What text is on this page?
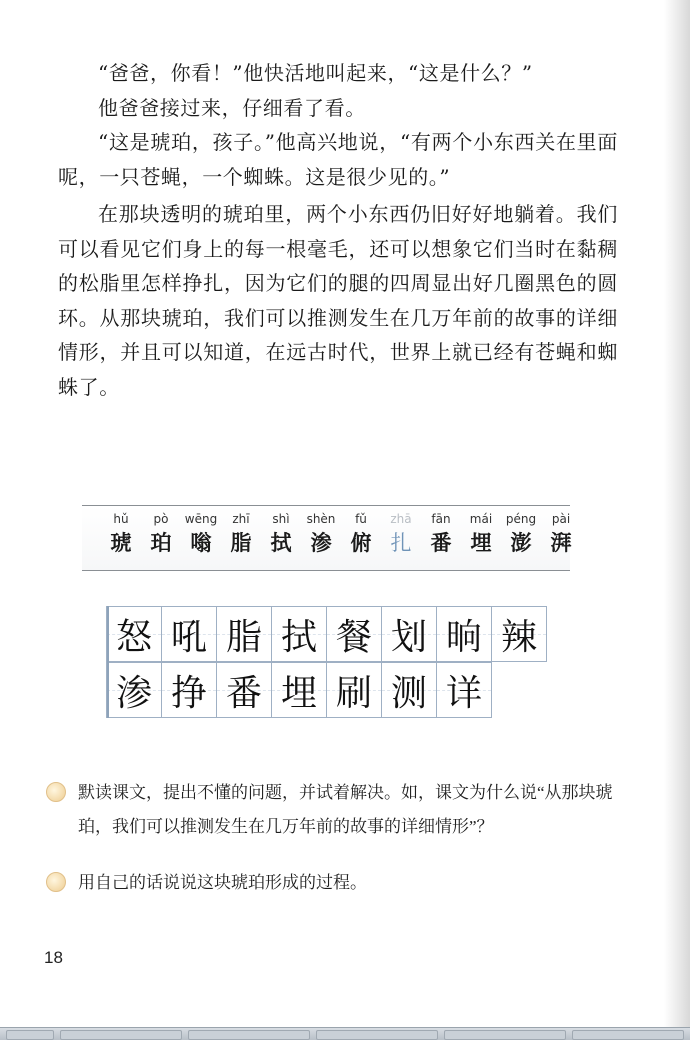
“爸爸，你看！”他快活地叫起来，“这是什么？”

他爸爸接过来，仔细看了看。

“这是琥珀，孩子。”他高兴地说，“有两个小东西关在里面呢，一只苍蝇，一个蜘蛛。这是很少见的。”

在那块透明的琥珀里，两个小东西仍旧好好地躺着。我们可以看见它们身上的每一根毫毛，还可以想象它们当时在黏稠的松脂里怎样挣扎，因为它们的腿的四周显出好几圈黑色的圆环。从那块琥珀，我们可以推测发生在几万年前的故事的详细情形，并且可以知道，在远古时代，世界上就已经有苍蝇和蜘蛛了。

hǔ
琥
pò
珀
wēng
嗡
zhī
脂
shì
拭
shèn
渗
fǔ
俯
zhā
扎
fān
番
mái
埋
péng
澎
pài
湃
怒 吼 脂 拭 餐 划 晌 辣
渗 挣 番 埋 刷 测 详
默读课文，提出不懂的问题，并试着解决。如，课文为什么说“从那块琥珀，我们可以推测发生在几万年前的故事的详细情形”？
用自己的话说说这块琥珀形成的过程。
18
